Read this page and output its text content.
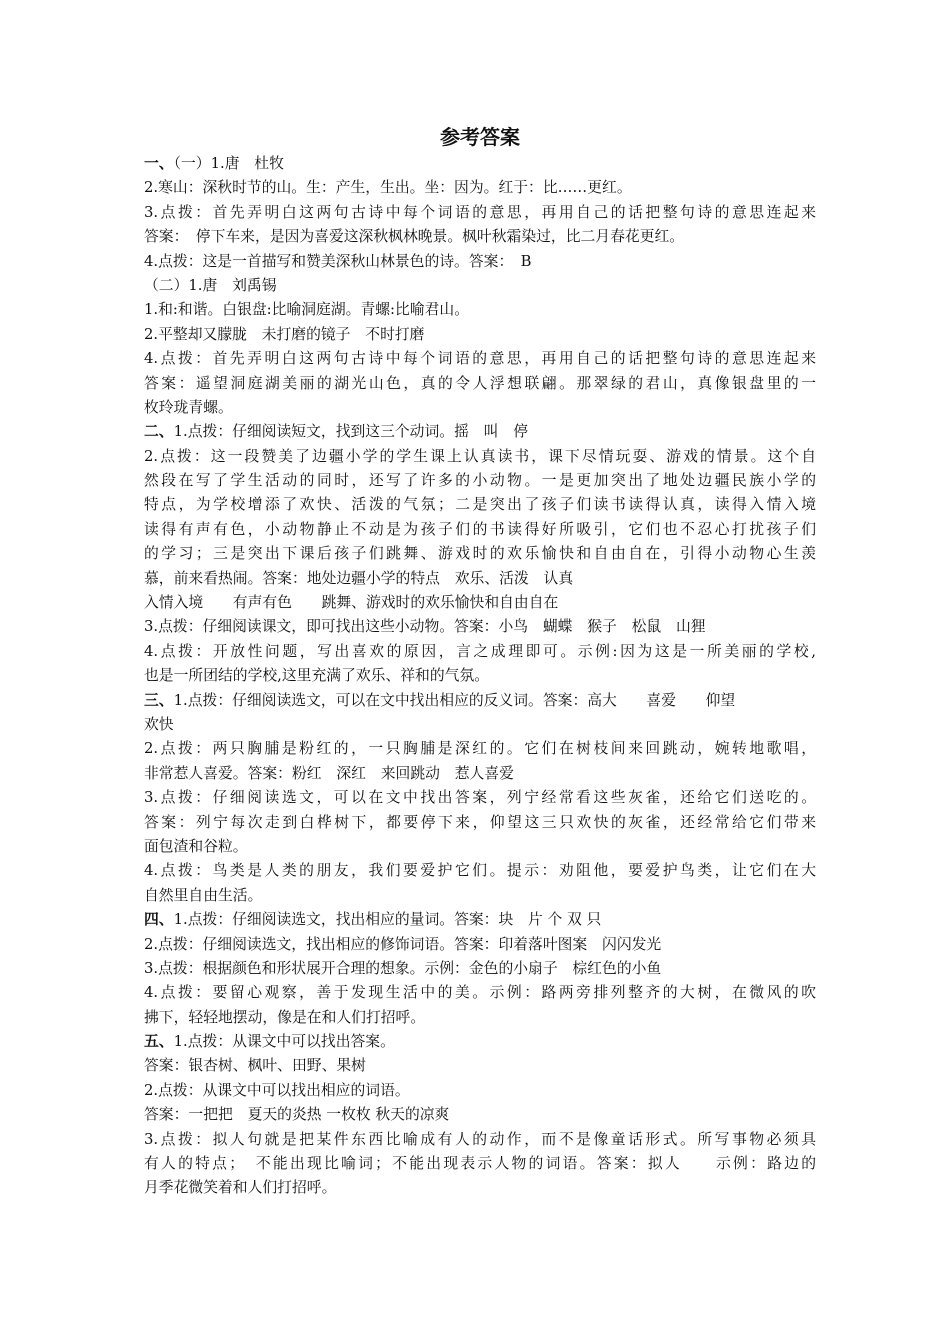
参考答案
一、（一）1.唐　杜牧
2.寒山：深秋时节的山。生：产生，生出。坐：因为。红于：比……更红。
3.点拨：首先弄明白这两句古诗中每个词语的意思，再用自己的话把整句诗的意思连起来
答案：　停下车来，是因为喜爱这深秋枫林晚景。枫叶秋霜染过，比二月春花更红。
4.点拨：这是一首描写和赞美深秋山林景色的诗。答案：　B
（二）1.唐　刘禹锡
1.和:和谐。白银盘:比喻洞庭湖。青螺:比喻君山。
2.平整却又朦胧　未打磨的镜子　不时打磨
4.点拨：首先弄明白这两句古诗中每个词语的意思，再用自己的话把整句诗的意思连起来
答案：遥望洞庭湖美丽的湖光山色，真的令人浮想联翩。那翠绿的君山，真像银盘里的一
枚玲珑青螺。
二、1.点拨：仔细阅读短文，找到这三个动词。摇　叫　停
2.点拨：这一段赞美了边疆小学的学生课上认真读书，课下尽情玩耍、游戏的情景。这个自
然段在写了学生活动的同时，还写了许多的小动物。一是更加突出了地处边疆民族小学的
特点，为学校增添了欢快、活泼的气氛；二是突出了孩子们读书读得认真，读得入情入境
读得有声有色，小动物静止不动是为孩子们的书读得好所吸引，它们也不忍心打扰孩子们
的学习；三是突出下课后孩子们跳舞、游戏时的欢乐愉快和自由自在，引得小动物心生羡
慕，前来看热闹。答案：地处边疆小学的特点　欢乐、活泼　认真
入情入境　　有声有色　　跳舞、游戏时的欢乐愉快和自由自在
3.点拨：仔细阅读课文，即可找出这些小动物。答案：小鸟　蝴蝶　猴子　松鼠　山狸
4.点拨：开放性问题，写出喜欢的原因，言之成理即可。示例:因为这是一所美丽的学校,
也是一所团结的学校,这里充满了欢乐、祥和的气氛。
三、1.点拨：仔细阅读选文，可以在文中找出相应的反义词。答案：高大　　喜爱　　仰望
欢快
2.点拨：两只胸脯是粉红的，一只胸脯是深红的。它们在树枝间来回跳动，婉转地歌唱，
非常惹人喜爱。答案：粉红　深红　来回跳动　惹人喜爱
3.点拨：仔细阅读选文，可以在文中找出答案，列宁经常看这些灰雀，还给它们送吃的。
答案：列宁每次走到白桦树下，都要停下来，仰望这三只欢快的灰雀，还经常给它们带来
面包渣和谷粒。
4.点拨：鸟类是人类的朋友，我们要爱护它们。提示：劝阻他，要爱护鸟类，让它们在大
自然里自由生活。
四、1.点拨：仔细阅读选文，找出相应的量词。答案：块　片 个 双 只
2.点拨：仔细阅读选文，找出相应的修饰词语。答案：印着落叶图案　闪闪发光
3.点拨：根据颜色和形状展开合理的想象。示例：金色的小扇子　棕红色的小鱼
4.点拨：要留心观察，善于发现生活中的美。示例：路两旁排列整齐的大树，在微风的吹
拂下，轻轻地摆动，像是在和人们打招呼。
五、1.点拨：从课文中可以找出答案。
答案：银杏树、枫叶、田野、果树
2.点拨：从课文中可以找出相应的词语。
答案：一把把　夏天的炎热 一枚枚 秋天的凉爽
3.点拨：拟人句就是把某件东西比喻成有人的动作，而不是像童话形式。所写事物必须具
有人的特点；　不能出现比喻词；不能出现表示人物的词语。答案：拟人　　示例：路边的
月季花微笑着和人们打招呼。
